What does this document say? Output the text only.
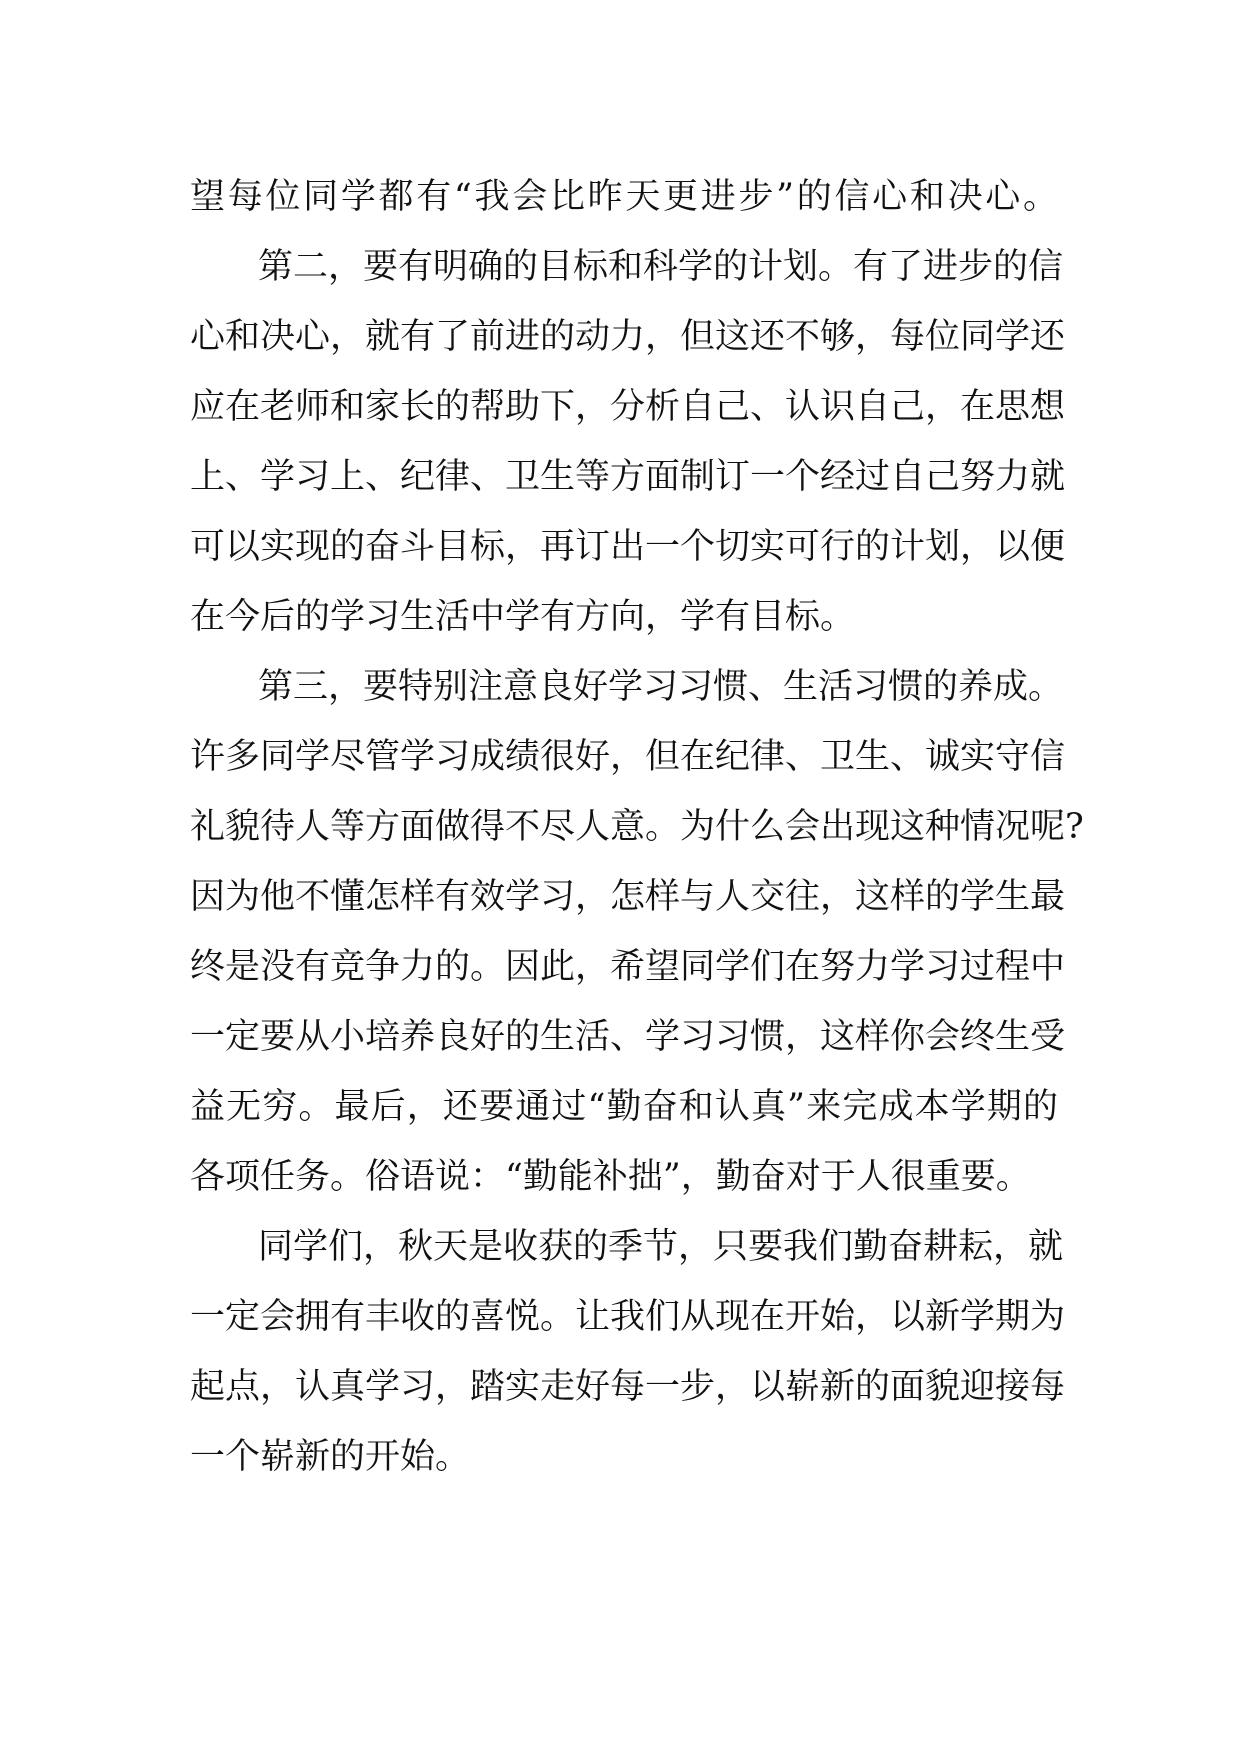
望每位同学都有“我会比昨天更进步”的信心和决心。
第二，要有明确的目标和科学的计划。有了进步的信
心和决心，就有了前进的动力，但这还不够，每位同学还
应在老师和家长的帮助下，分析自己、认识自己，在思想
上、学习上、纪律、卫生等方面制订一个经过自己努力就
可以实现的奋斗目标，再订出一个切实可行的计划，以便
在今后的学习生活中学有方向，学有目标。
第三，要特别注意良好学习习惯、生活习惯的养成。
许多同学尽管学习成绩很好，但在纪律、卫生、诚实守信
礼貌待人等方面做得不尽人意。为什么会出现这种情况呢?
因为他不懂怎样有效学习，怎样与人交往，这样的学生最
终是没有竞争力的。因此，希望同学们在努力学习过程中
一定要从小培养良好的生活、学习习惯，这样你会终生受
益无穷。最后，还要通过“勤奋和认真”来完成本学期的
各项任务。俗语说：“勤能补拙”，勤奋对于人很重要。
同学们，秋天是收获的季节，只要我们勤奋耕耘，就
一定会拥有丰收的喜悦。让我们从现在开始，以新学期为
起点，认真学习，踏实走好每一步，以崭新的面貌迎接每
一个崭新的开始。
